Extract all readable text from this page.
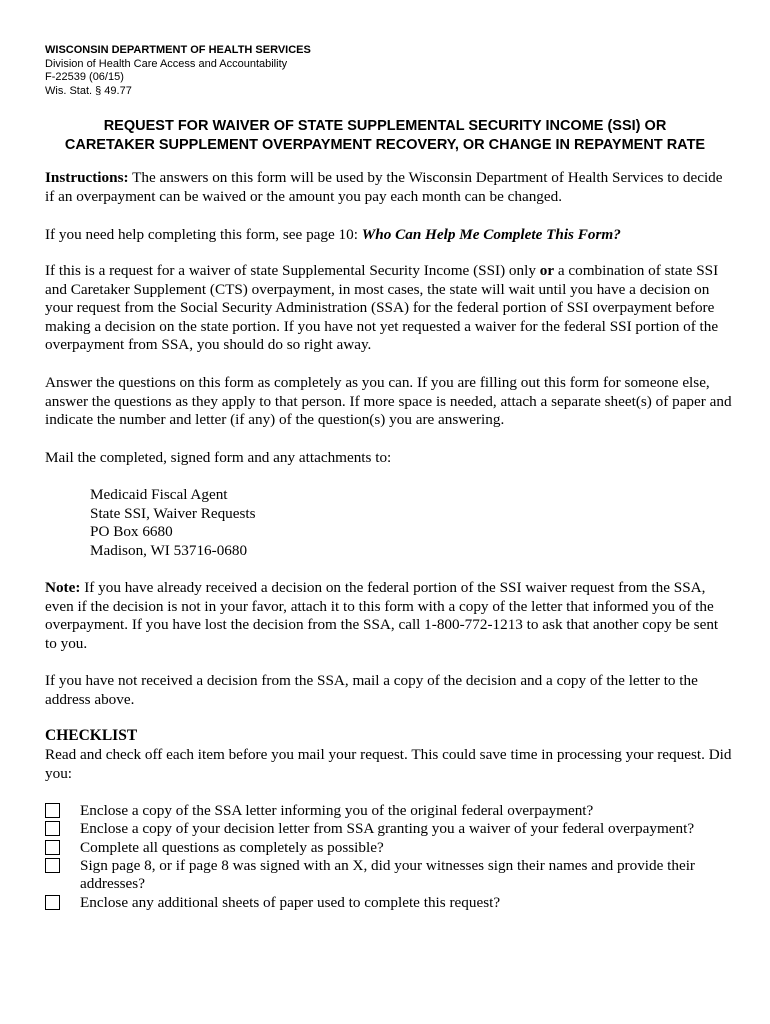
WISCONSIN DEPARTMENT OF HEALTH SERVICES
Division of Health Care Access and Accountability
F-22539 (06/15)
Wis. Stat. § 49.77
REQUEST FOR WAIVER OF STATE SUPPLEMENTAL SECURITY INCOME (SSI) OR
CARETAKER SUPPLEMENT OVERPAYMENT RECOVERY, OR CHANGE IN REPAYMENT RATE
Instructions: The answers on this form will be used by the Wisconsin Department of Health Services to decide if an overpayment can be waived or the amount you pay each month can be changed.
If you need help completing this form, see page 10: Who Can Help Me Complete This Form?
If this is a request for a waiver of state Supplemental Security Income (SSI) only or a combination of state SSI and Caretaker Supplement (CTS) overpayment, in most cases, the state will wait until you have a decision on your request from the Social Security Administration (SSA) for the federal portion of SSI overpayment before making a decision on the state portion. If you have not yet requested a waiver for the federal SSI portion of the overpayment from SSA, you should do so right away.
Answer the questions on this form as completely as you can. If you are filling out this form for someone else, answer the questions as they apply to that person. If more space is needed, attach a separate sheet(s) of paper and indicate the number and letter (if any) of the question(s) you are answering.
Mail the completed, signed form and any attachments to:
Medicaid Fiscal Agent
State SSI, Waiver Requests
PO Box 6680
Madison, WI 53716-0680
Note: If you have already received a decision on the federal portion of the SSI waiver request from the SSA, even if the decision is not in your favor, attach it to this form with a copy of the letter that informed you of the overpayment. If you have lost the decision from the SSA, call 1-800-772-1213 to ask that another copy be sent to you.
If you have not received a decision from the SSA, mail a copy of the decision and a copy of the letter to the address above.
CHECKLIST
Read and check off each item before you mail your request. This could save time in processing your request. Did you:
Enclose a copy of the SSA letter informing you of the original federal overpayment?
Enclose a copy of your decision letter from SSA granting you a waiver of your federal overpayment?
Complete all questions as completely as possible?
Sign page 8, or if page 8 was signed with an X, did your witnesses sign their names and provide their addresses?
Enclose any additional sheets of paper used to complete this request?
